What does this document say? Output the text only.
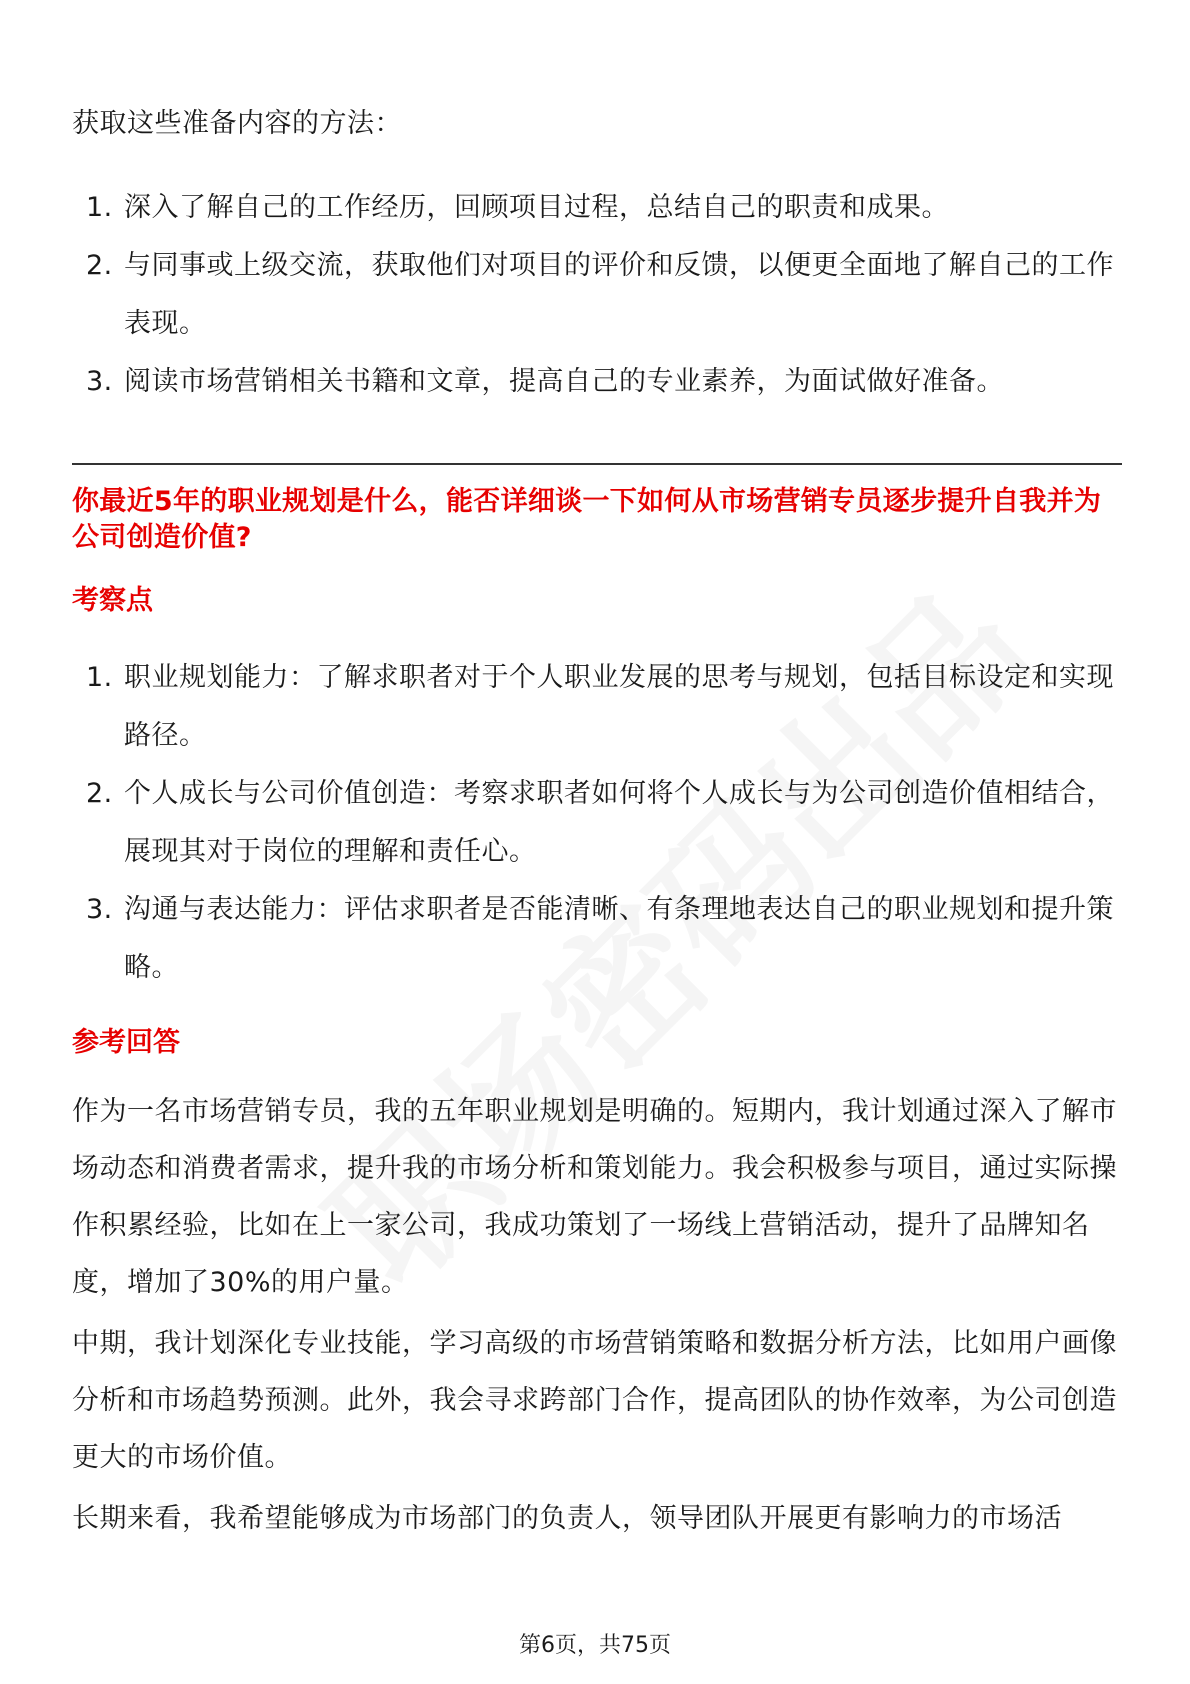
获取这些准备内容的方法：
1. 深入了解自己的工作经历，回顾项目过程，总结自己的职责和成果。
2. 与同事或上级交流，获取他们对项目的评价和反馈，以便更全面地了解自己的工作表现。
3. 阅读市场营销相关书籍和文章，提高自己的专业素养，为面试做好准备。
你最近5年的职业规划是什么，能否详细谈一下如何从市场营销专员逐步提升自我并为公司创造价值?
考察点
1. 职业规划能力：了解求职者对于个人职业发展的思考与规划，包括目标设定和实现路径。
2. 个人成长与公司价值创造：考察求职者如何将个人成长与为公司创造价值相结合，展现其对于岗位的理解和责任心。
3. 沟通与表达能力：评估求职者是否能清晰、有条理地表达自己的职业规划和提升策略。
参考回答

作为一名市场营销专员，我的五年职业规划是明确的。短期内，我计划通过深入了解市场动态和消费者需求，提升我的市场分析和策划能力。我会积极参与项目，通过实际操作积累经验，比如在上一家公司，我成功策划了一场线上营销活动，提升了品牌知名度，增加了30%的用户量。

中期，我计划深化专业技能，学习高级的市场营销策略和数据分析方法，比如用户画像分析和市场趋势预测。此外，我会寻求跨部门合作，提高团队的协作效率，为公司创造更大的市场价值。

长期来看，我希望能够成为市场部门的负责人，领导团队开展更有影响力的市场活

第6页，共75页
